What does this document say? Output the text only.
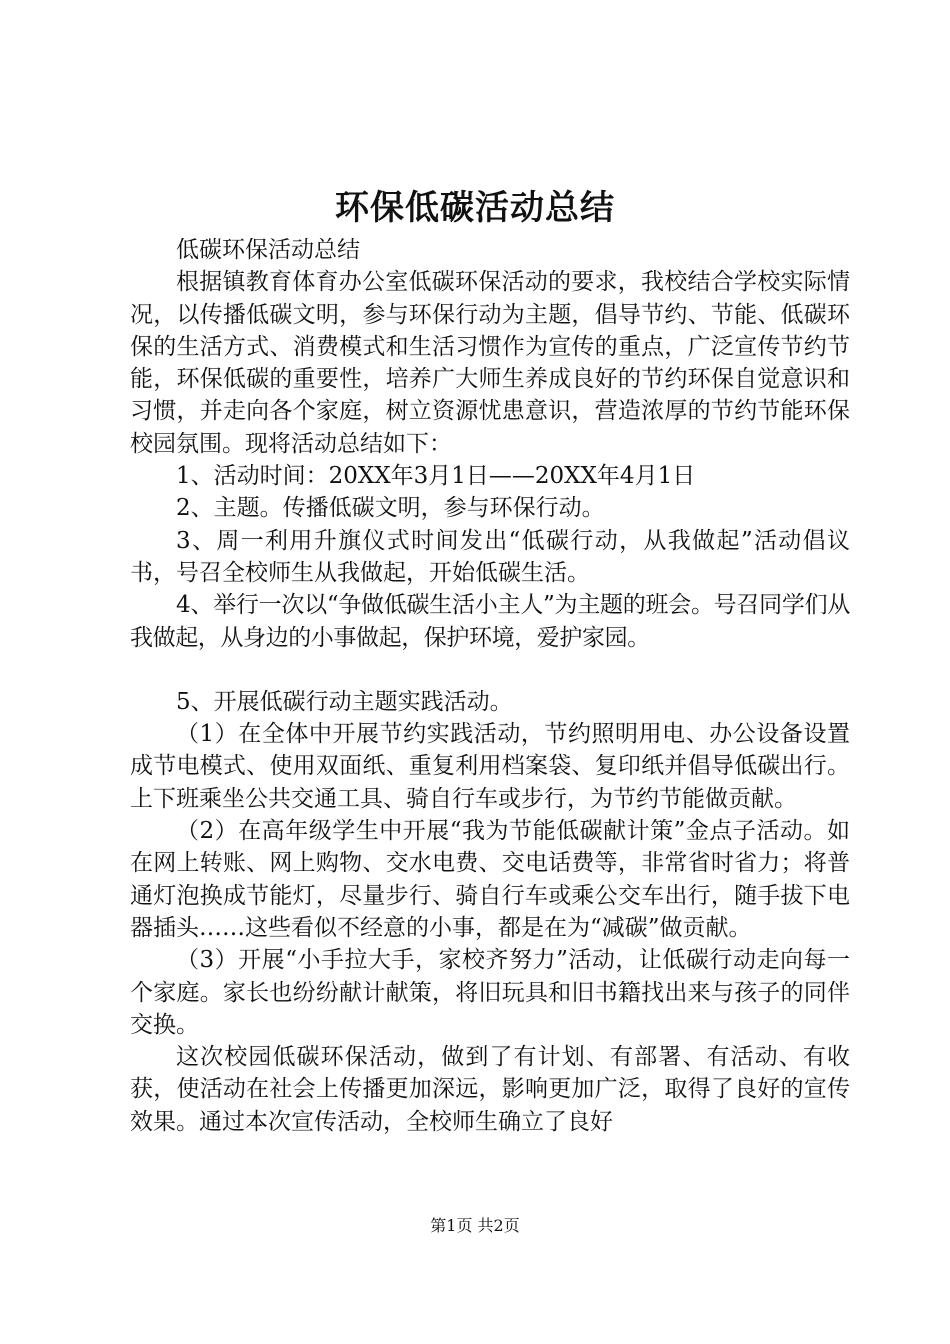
环保低碳活动总结

低碳环保活动总结

根据镇教育体育办公室低碳环保活动的要求，我校结合学校实际情况，以传播低碳文明，参与环保行动为主题，倡导节约、节能、低碳环保的生活方式、消费模式和生活习惯作为宣传的重点，广泛宣传节约节能，环保低碳的重要性，培养广大师生养成良好的节约环保自觉意识和习惯，并走向各个家庭，树立资源忧患意识，营造浓厚的节约节能环保校园氛围。现将活动总结如下：

1、活动时间：20XX年3月1日——20XX年4月1日

2、主题。传播低碳文明，参与环保行动。

3、周一利用升旗仪式时间发出“低碳行动，从我做起”活动倡议书，号召全校师生从我做起，开始低碳生活。

4、举行一次以“争做低碳生活小主人”为主题的班会。号召同学们从我做起，从身边的小事做起，保护环境，爱护家园。

5、开展低碳行动主题实践活动。

（1）在全体中开展节约实践活动，节约照明用电、办公设备设置成节电模式、使用双面纸、重复利用档案袋、复印纸并倡导低碳出行。上下班乘坐公共交通工具、骑自行车或步行，为节约节能做贡献。

（2）在高年级学生中开展“我为节能低碳献计策”金点子活动。如在网上转账、网上购物、交水电费、交电话费等，非常省时省力；将普通灯泡换成节能灯，尽量步行、骑自行车或乘公交车出行，随手拔下电器插头……这些看似不经意的小事，都是在为“减碳”做贡献。

（3）开展“小手拉大手，家校齐努力”活动，让低碳行动走向每一个家庭。家长也纷纷献计献策，将旧玩具和旧书籍找出来与孩子的同伴交换。

这次校园低碳环保活动，做到了有计划、有部署、有活动、有收获，使活动在社会上传播更加深远，影响更加广泛，取得了良好的宣传效果。通过本次宣传活动，全校师生确立了良好

第1页 共2页
